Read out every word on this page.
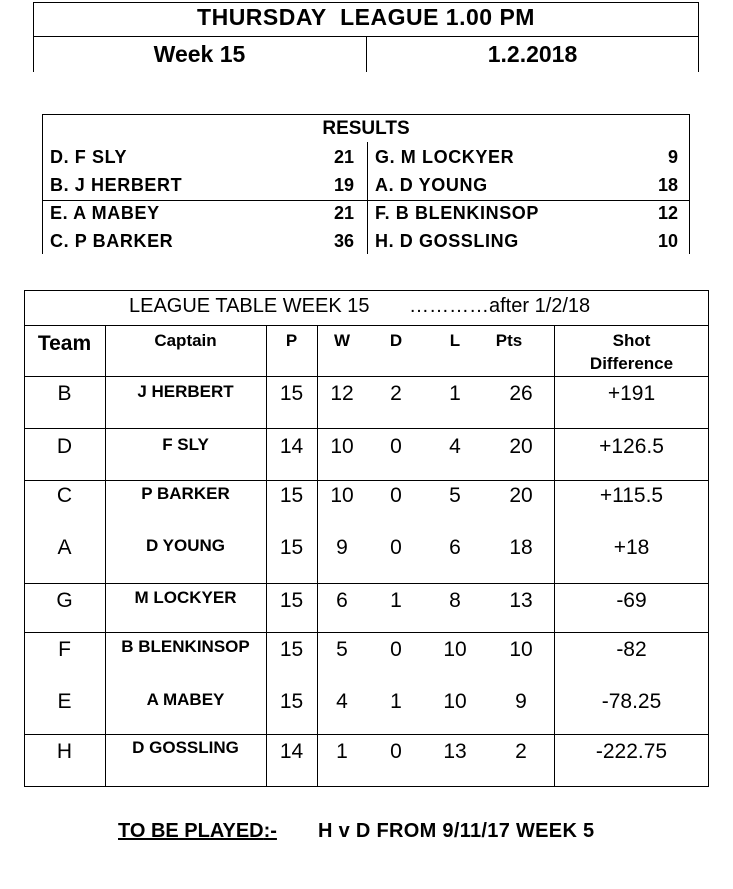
THURSDAY  LEAGUE 1.00 PM
Week 15	1.2.2018
RESULTS
D. F SLY	21 G. M LOCKYER	9
B. J HERBERT	19 A. D YOUNG	18
E. A MABEY	21 F. B BLENKINSOP	12
C. P BARKER	36 H. D GOSSLING	10

LEAGUE TABLE WEEK 15

…………after 1/2/18

Team	Captain	P	W	D	L	Pts	Shot
Difference
B	J HERBERT	15	12	2	1	26	+191
D	F SLY	14	10	0	4	20	+126.5
C	P BARKER	15	10	0	5	20	+115.5
A	D YOUNG	15	9	0	6	18	+18
G	M LOCKYER	15	6	1	8	13	-69
F	B BLENKINSOP	15	5	0	10	10	-82
E	A MABEY	15	4	1	10	9	-78.25
H	D GOSSLING	14	1	0	13	2	-222.75

TO BE PLAYED:-

H v D FROM 9/11/17 WEEK 5
